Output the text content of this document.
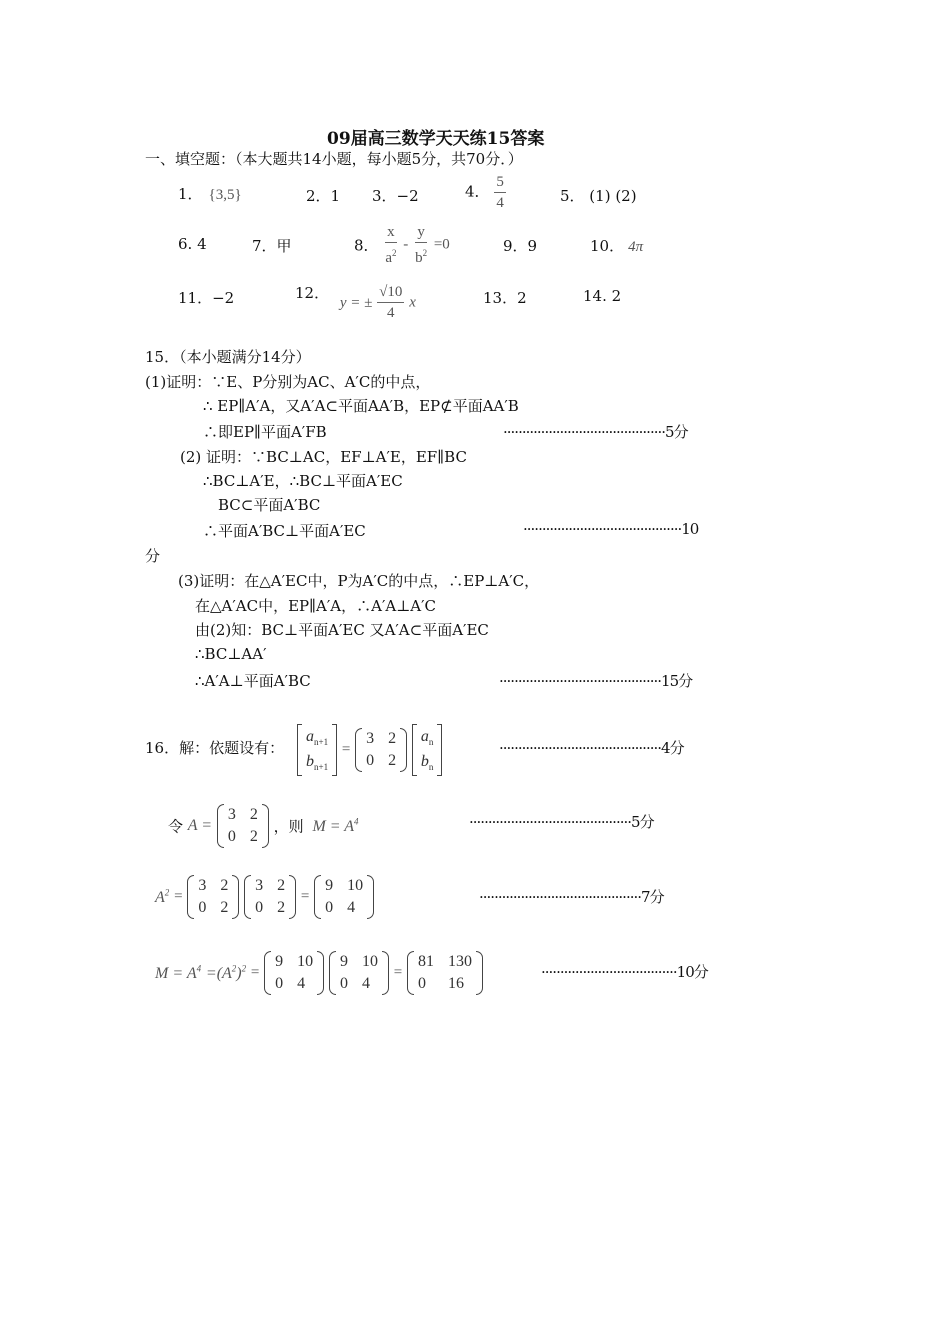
09届高三数学天天练15答案
一、填空题：（本大题共14小题，每小题5分，共70分．）
1． {3,5}	2．1 3．−2	4． $\frac{5}{4}$	5． (1) (2)
6. 4	7．甲	8． $\frac{x}{a^2} - \frac{y}{b^2} =0$	9．9	10． 4π
11．−2	12． y = ± $\frac{√10}{4}$ x	13．2	14. 2
15．（本小题满分14分）
(1)证明：∵E、P分别为AC、A′C的中点，
∴ EP∥A′A，又A′A⊂平面AA′B，EP⊄平面AA′B
∴即EP∥平面A′FB	···········································5分
(2) 证明：∵BC⊥AC，EF⊥A′E，EF∥BC
∴BC⊥A′E，∴BC⊥平面A′EC
BC⊂平面A′BC
∴平面A′BC⊥平面A′EC	··········································10
分
(3)证明：在△A′EC中，P为A′C的中点，∴EP⊥A′C，
在△A′AC中，EP∥A′A，∴A′A⊥A′C
由(2)知：BC⊥平面A′EC 又A′A⊂平面A′EC
∴BC⊥AA′
∴A′A⊥平面A′BC	···········································15分
16．解：依题设有：
$a_{n+1}$
$b_{n+1}$
=
3 2
0 2

$a_n$
$b_n$
···········································4分
令 A =
3 2
0 2
，则 $M = A^4$	···········································5分
$A^2$ =
3 2
0 2

3 2
0 2
=
9 10
0 4
···········································7分
$M = A^4 =(A^2)^2$ =
9 10
0 4

9 10
0 4
=
81 130
0	16
····································10分
